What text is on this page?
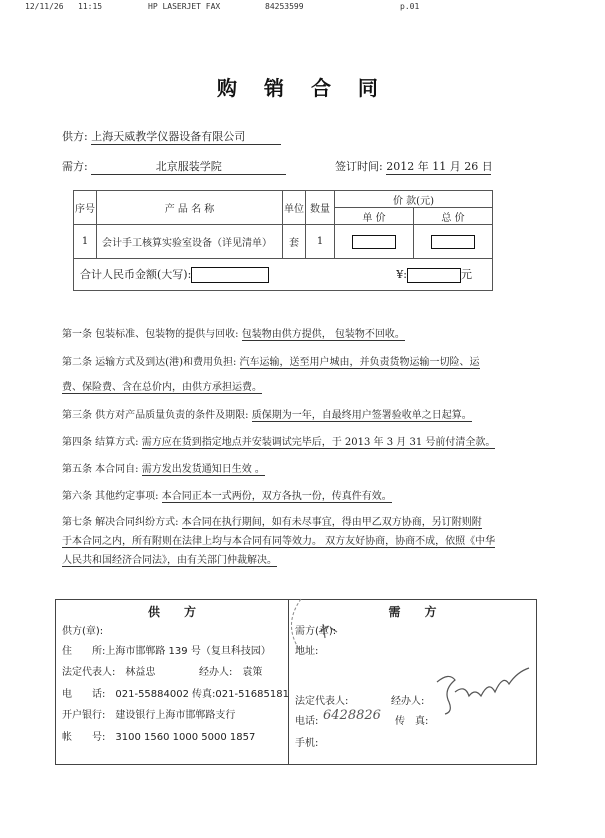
12/11/26 11:15	HP LASERJET FAX	84253599	p.01
购 销 合 同
供方: 上海天威教学仪器设备有限公司
需方:	北京服装学院	签订时间: 2012 年 11 月 26 日
序号	产 品 名 称	单位	数量	价 款(元)	
				单 价	总 价
1	会计手工核算实验室设备（详见清单）	套	1		
合计人民币金额(大写): ¥: 元					
第一条 包装标准、包装物的提供与回收: 包装物由供方提供， 包装物不回收。
第二条 运输方式及到达(港)和费用负担: 汽车运输，送至用户城由，并负责货物运输一切险、运
费、保险费、含在总价内，由供方承担运费。
第三条 供方对产品质量负责的条件及期限: 质保期为一年，自最终用户签署验收单之日起算。
第四条 结算方式: 需方应在货到指定地点并安装调试完毕后，于 2013 年 3 月 31 号前付清全款。
第五条 本合同自: 需方发出发货通知日生效 。
第六条 其他约定事项: 本合同正本一式两份，双方各执一份，传真件有效。
第七条 解决合同纠纷方式: 本合同在执行期间，如有未尽事宜，得由甲乙双方协商，另订附则附
于本合同之内，所有附则在法律上均与本合同有同等效力。 双方友好协商，协商不成，依照《中华
人民共和国经济合同法》，由有关部门仲裁解决。
供　　方
供方(章):
住　　所:上海市邯郸路 139 号（复旦科技园）
法定代表人:　林益忠	经办人:　袁策
电　　话:　021-55884002 传真:021-51685181
开户银行:　建设银行上海市邯郸路支行
帐　　号:　3100 1560 1000 5000 1857
需　　方
需方(章):
地址:
法定代表人:	经办人:
电话: 6428826 传　真:
手机:
